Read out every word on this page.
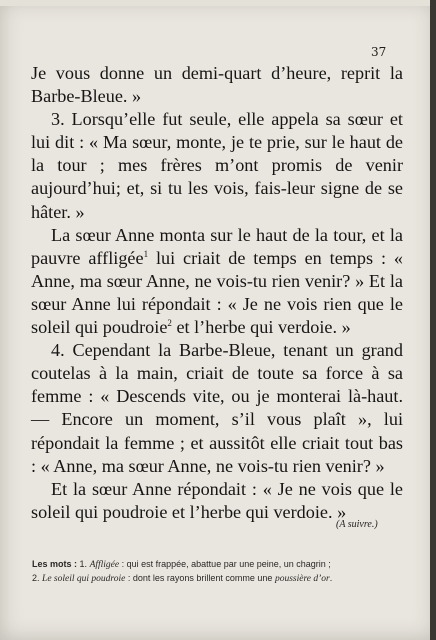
37

Je vous donne un demi-quart d’heure, reprit la Barbe-Bleue. »

3. Lorsqu’elle fut seule, elle appela sa sœur et lui dit : « Ma sœur, monte, je te prie, sur le haut de la tour ; mes frères m’ont promis de venir aujourd’hui; et, si tu les vois, fais-leur signe de se hâter. »

La sœur Anne monta sur le haut de la tour, et la pauvre affligée$^1$ lui criait de temps en temps : « Anne, ma sœur Anne, ne vois-tu rien venir? » Et la sœur Anne lui répondait : « Je ne vois rien que le soleil qui poudroie$^2$ et l’herbe qui verdoie. »

4. Cependant la Barbe-Bleue, tenant un grand coutelas à la main, criait de toute sa force à sa femme : « Descends vite, ou je monterai là-haut. — Encore un moment, s’il vous plaît », lui répondait la femme ; et aussitôt elle criait tout bas : « Anne, ma sœur Anne, ne vois-tu rien venir? »

Et la sœur Anne répondait : « Je ne vois que le soleil qui poudroie et l’herbe qui verdoie. »

(A suivre.)
Les mots : 1. Affligée : qui est frappée, abattue par une peine, un chagrin ;
2. Le soleil qui poudroie : dont les rayons brillent comme une poussière d’or.
